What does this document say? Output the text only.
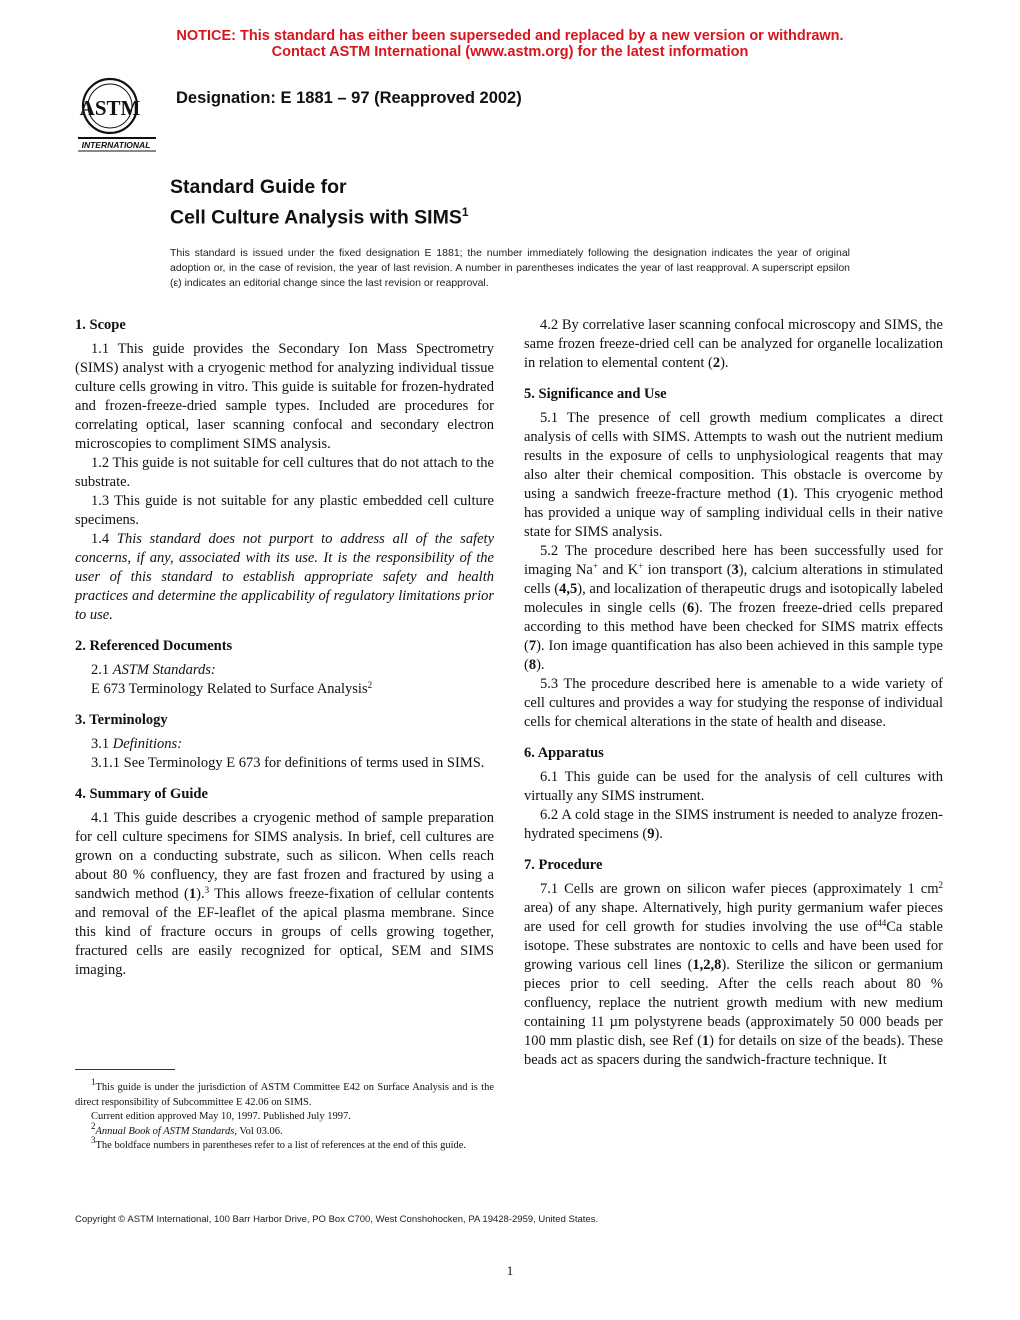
NOTICE: This standard has either been superseded and replaced by a new version or withdrawn.
Contact ASTM International (www.astm.org) for the latest information
ASTM
INTERNATIONAL
Designation: E 1881 – 97 (Reapproved 2002)
Standard Guide for
Cell Culture Analysis with SIMS$^1$
This standard is issued under the fixed designation E 1881; the number immediately following the designation indicates the year of original adoption or, in the case of revision, the year of last revision. A number in parentheses indicates the year of last reapproval. A superscript epsilon (ε) indicates an editorial change since the last revision or reapproval.
1. Scope

1.1 This guide provides the Secondary Ion Mass Spectrometry (SIMS) analyst with a cryogenic method for analyzing individual tissue culture cells growing in vitro. This guide is suitable for frozen-hydrated and frozen-freeze-dried sample types. Included are procedures for correlating optical, laser scanning confocal and secondary electron microscopies to compliment SIMS analysis.

1.2 This guide is not suitable for cell cultures that do not attach to the substrate.

1.3 This guide is not suitable for any plastic embedded cell culture specimens.

1.4 This standard does not purport to address all of the safety concerns, if any, associated with its use. It is the responsibility of the user of this standard to establish appropriate safety and health practices and determine the applicability of regulatory limitations prior to use.

2. Referenced Documents

2.1 ASTM Standards:

E 673 Terminology Related to Surface Analysis$^2$

3. Terminology

3.1 Definitions:

3.1.1 See Terminology E 673 for definitions of terms used in SIMS.

4. Summary of Guide

4.1 This guide describes a cryogenic method of sample preparation for cell culture specimens for SIMS analysis. In brief, cell cultures are grown on a conducting substrate, such as silicon. When cells reach about 80 % confluency, they are fast frozen and fractured by using a sandwich method (1).$^3$ This allows freeze-fixation of cellular contents and removal of the EF-leaflet of the apical plasma membrane. Since this kind of fracture occurs in groups of cells growing together, fractured cells are easily recognized for optical, SEM and SIMS imaging.

$^1$This guide is under the jurisdiction of ASTM Committee E42 on Surface Analysis and is the direct responsibility of Subcommittee E 42.06 on SIMS.

Current edition approved May 10, 1997. Published July 1997.

$^2$Annual Book of ASTM Standards, Vol 03.06.

$^3$The boldface numbers in parentheses refer to a list of references at the end of this guide.

4.2 By correlative laser scanning confocal microscopy and SIMS, the same frozen freeze-dried cell can be analyzed for organelle localization in relation to elemental content (2).

5. Significance and Use

5.1 The presence of cell growth medium complicates a direct analysis of cells with SIMS. Attempts to wash out the nutrient medium results in the exposure of cells to unphysiological reagents that may also alter their chemical composition. This obstacle is overcome by using a sandwich freeze-fracture method (1). This cryogenic method has provided a unique way of sampling individual cells in their native state for SIMS analysis.

5.2 The procedure described here has been successfully used for imaging Na+ and K+ ion transport (3), calcium alterations in stimulated cells (4,5), and localization of therapeutic drugs and isotopically labeled molecules in single cells (6). The frozen freeze-dried cells prepared according to this method have been checked for SIMS matrix effects (7). Ion image quantification has also been achieved in this sample type (8).

5.3 The procedure described here is amenable to a wide variety of cell cultures and provides a way for studying the response of individual cells for chemical alterations in the state of health and disease.

6. Apparatus

6.1 This guide can be used for the analysis of cell cultures with virtually any SIMS instrument.

6.2 A cold stage in the SIMS instrument is needed to analyze frozen-hydrated specimens (9).

7. Procedure

7.1 Cells are grown on silicon wafer pieces (approximately 1 $cm^2$ area) of any shape. Alternatively, high purity germanium wafer pieces are used for cell growth for studies involving the use $of^{44}Ca$ stable isotope. These substrates are nontoxic to cells and have been used for growing various cell lines (1,2,8). Sterilize the silicon or germanium pieces prior to cell seeding. After the cells reach about 80 % confluency, replace the nutrient growth medium with new medium containing 11 µm polystyrene beads (approximately 50 000 beads per 100 mm plastic dish, see Ref (1) for details on size of the beads). These beads act as spacers during the sandwich-fracture technique. It

Copyright © ASTM International, 100 Barr Harbor Drive, PO Box C700, West Conshohocken, PA 19428-2959, United States.
1
